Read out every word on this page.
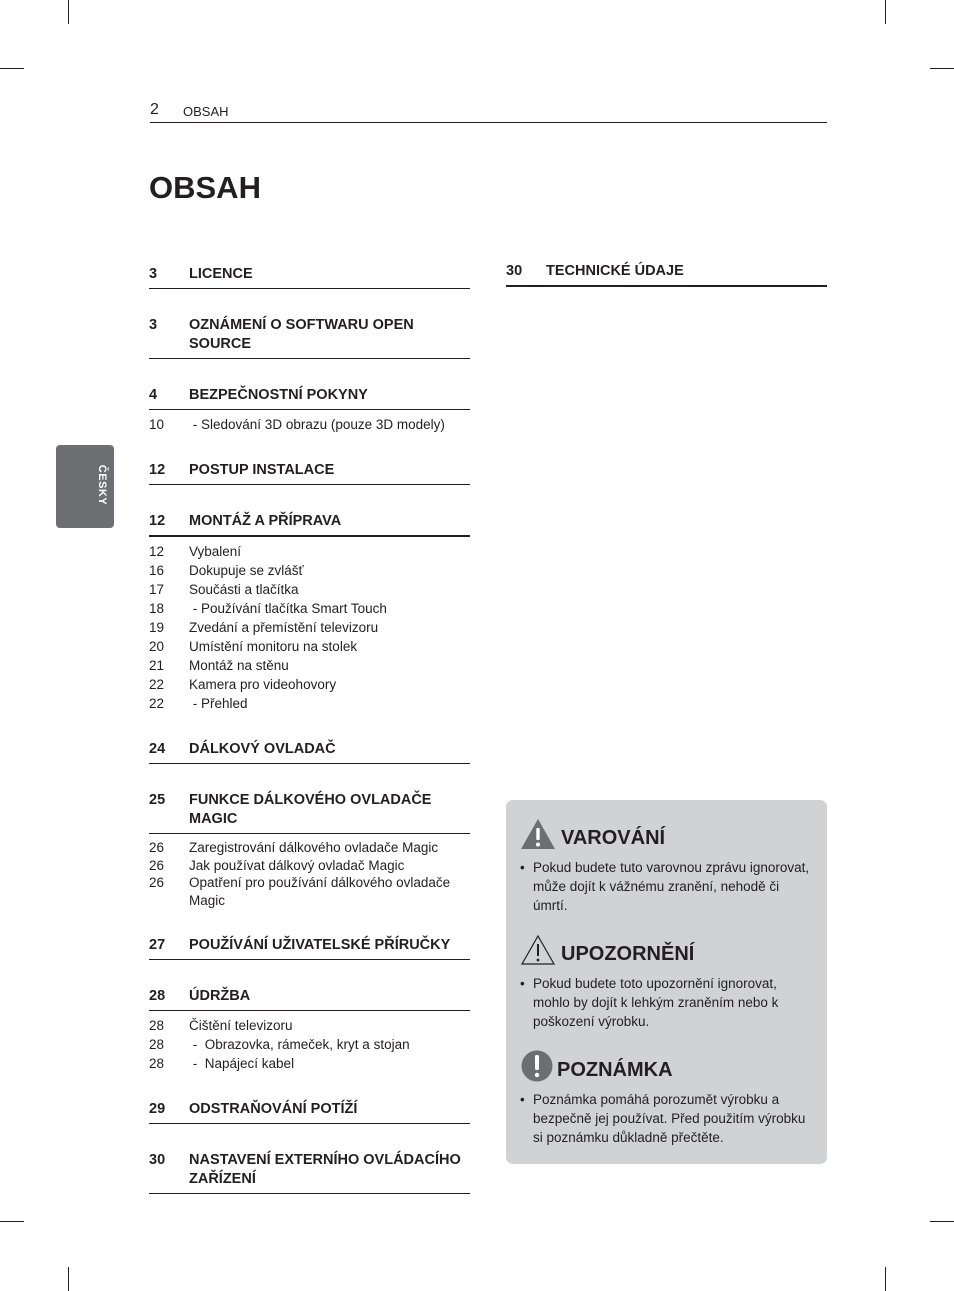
2 OBSAH
OBSAH
ČESKY
3	LICENCE
3	OZNÁMENÍ O SOFTWARU OPEN SOURCE
4	BEZPEČNOSTNÍ POKYNY
10	- Sledování 3D obrazu (pouze 3D modely)
12	POSTUP INSTALACE
12	MONTÁŽ A PŘÍPRAVA
12	Vybalení
16	Dokupuje se zvlášť
17	Součásti a tlačítka
18	- Používání tlačítka Smart Touch
19	Zvedání a přemístění televizoru
20	Umístění monitoru na stolek
21	Montáž na stěnu
22	Kamera pro videohovory
22	- Přehled
24	DÁLKOVÝ OVLADAČ
25	FUNKCE DÁLKOVÉHO OVLADAČE MAGIC
26	Zaregistrování dálkového ovladače Magic
26	Jak používat dálkový ovladač Magic
26	Opatření pro používání dálkového ovladače Magic
27	POUŽÍVÁNÍ UŽIVATELSKÉ PŘÍRUČKY
28	ÚDRŽBA
28	Čištění televizoru
28	-  Obrazovka, rámeček, kryt a stojan
28	-  Napájecí kabel
29	ODSTRAŇOVÁNÍ POTÍŽÍ
30	NASTAVENÍ EXTERNÍHO OVLÁDACÍHO ZAŘÍZENÍ
30	TECHNICKÉ ÚDAJE
VAROVÁNÍ
• Pokud budete tuto varovnou zprávu ignorovat, může dojít k vážnému zranění, nehodě či úmrtí.
UPOZORNĚNÍ
• Pokud budete toto upozornění ignorovat, mohlo by dojít k lehkým zraněním nebo k poškození výrobku.
POZNÁMKA
• Poznámka pomáhá porozumět výrobku a bezpečně jej používat. Před použitím výrobku si poznámku důkladně přečtěte.
